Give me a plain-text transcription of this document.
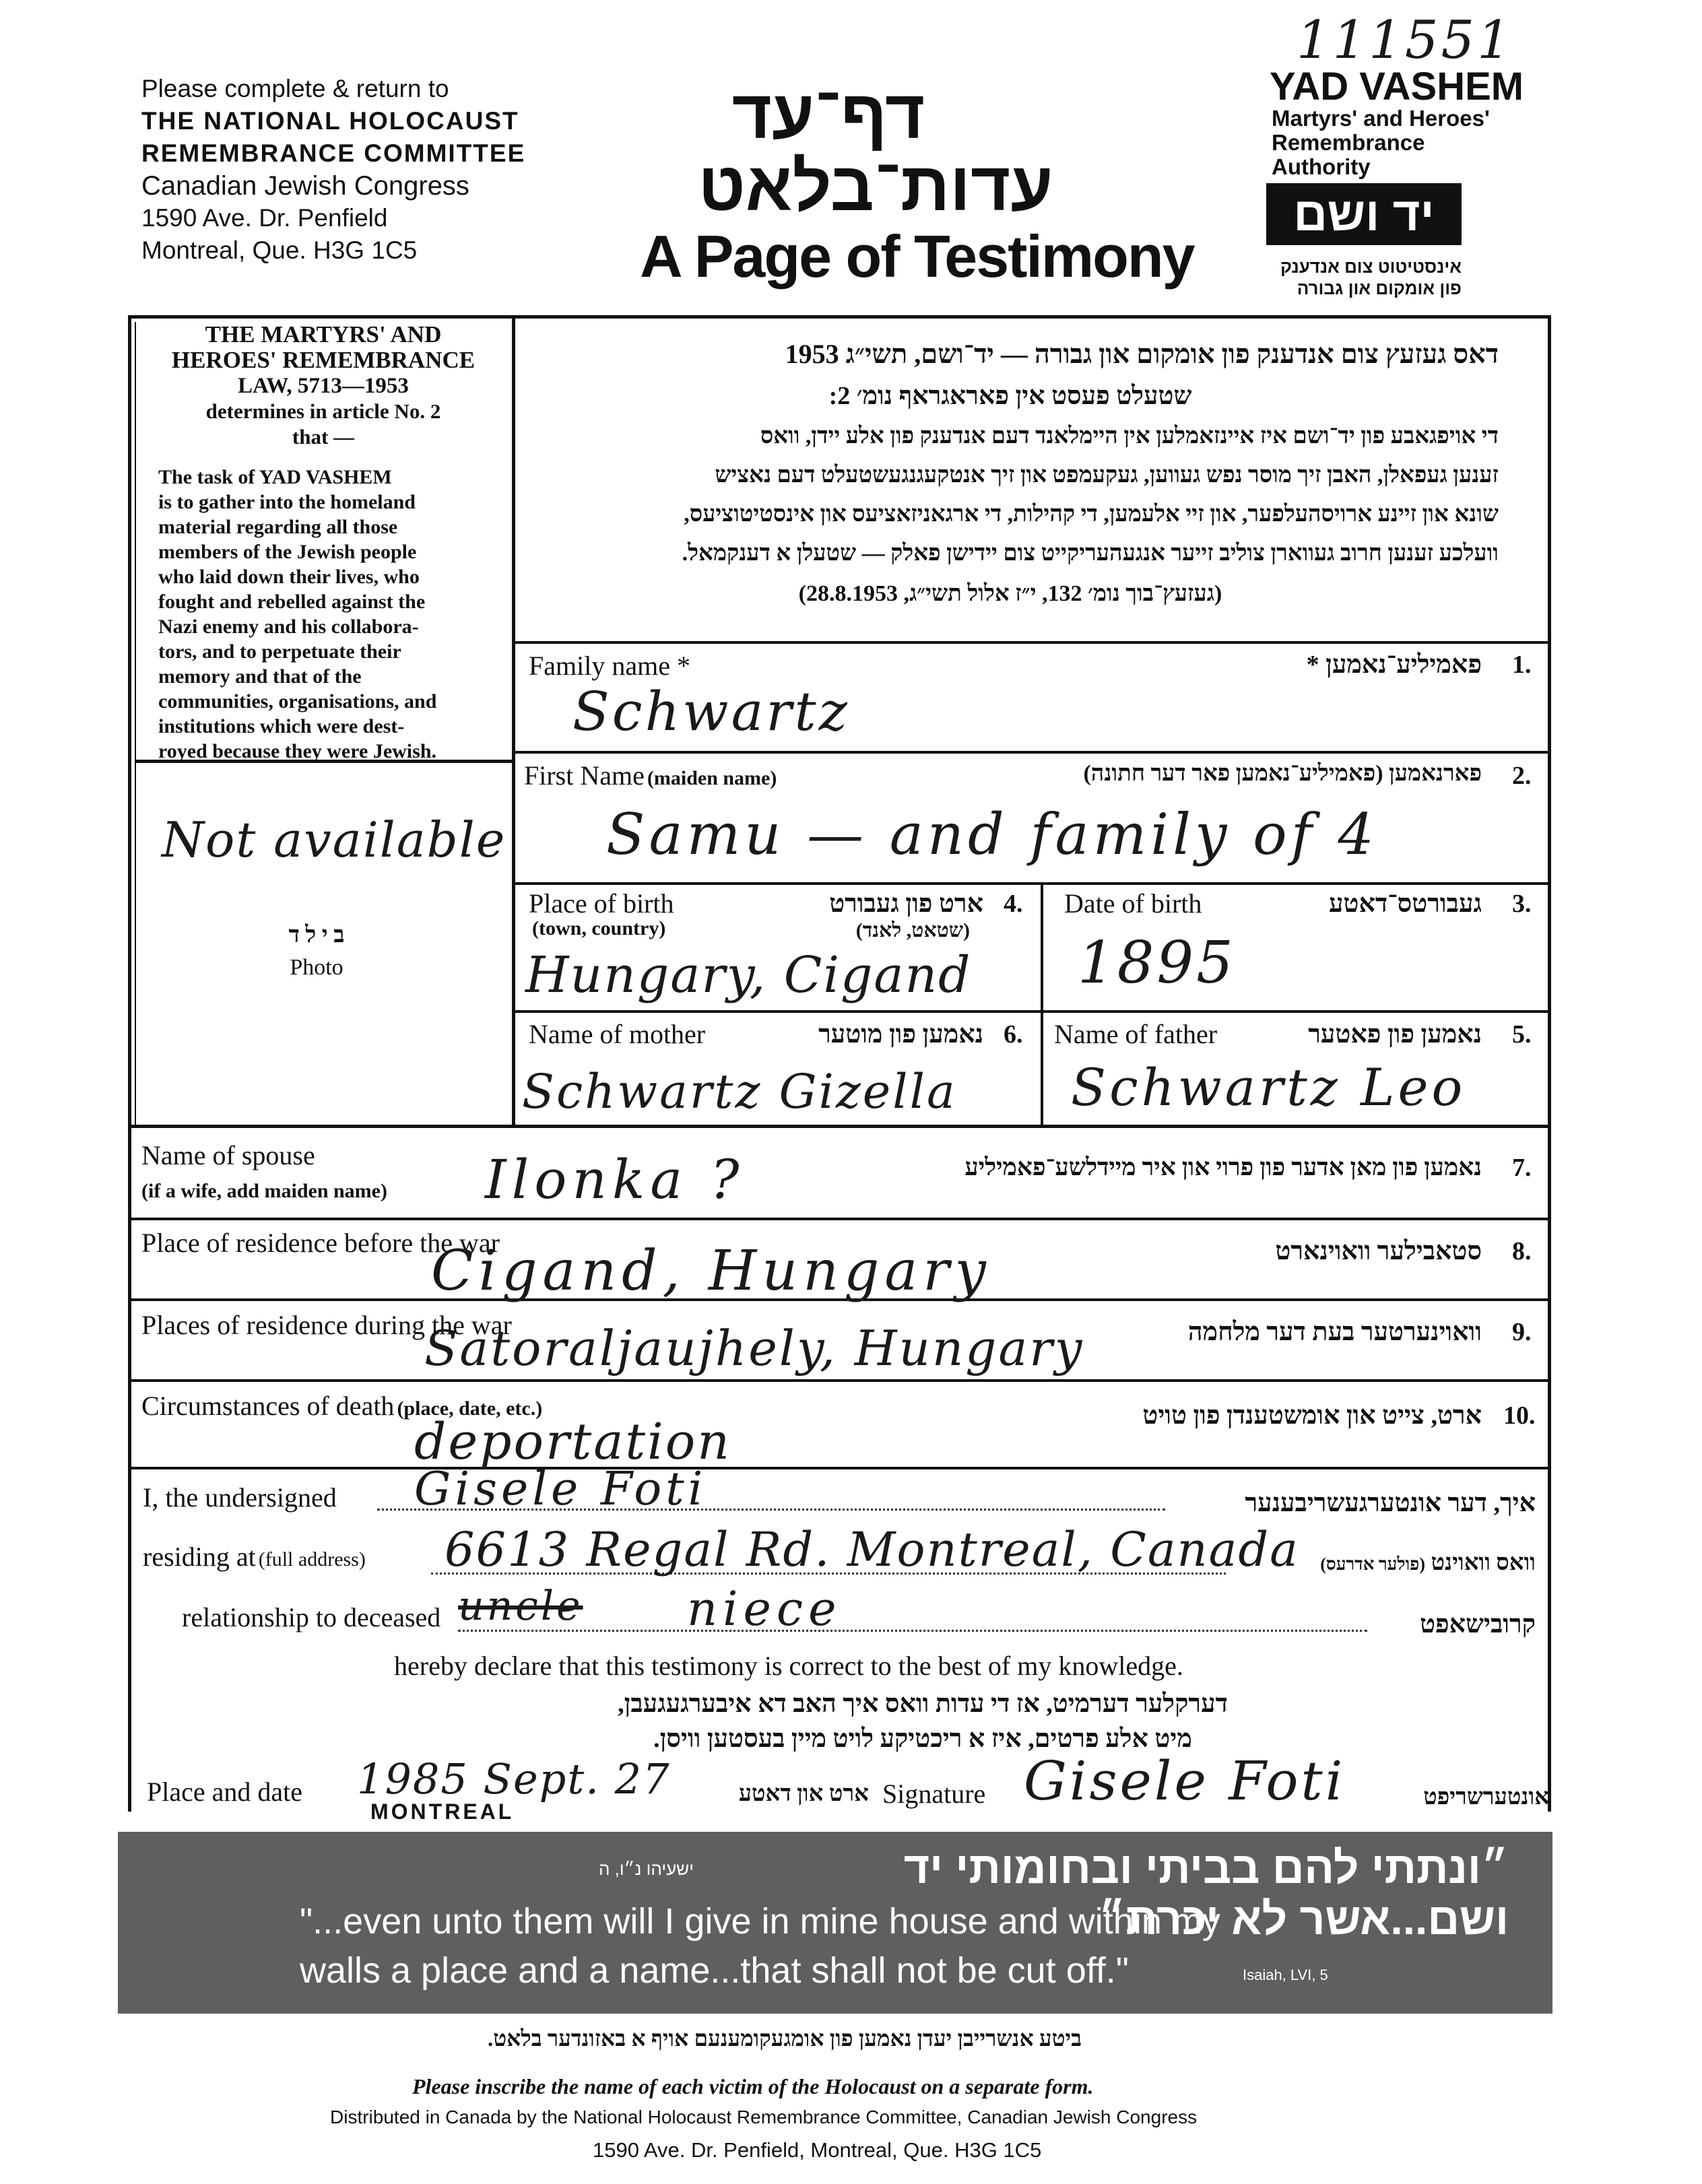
111551
Please complete & return to
THE NATIONAL HOLOCAUST
REMEMBRANCE COMMITTEE
Canadian Jewish Congress
1590 Ave. Dr. Penfield
Montreal, Que. H3G 1C5
דף־עד
עדות־בלאט
A Page of Testimony
YAD VASHEM
Martyrs' and Heroes'
Remembrance
Authority
יד ושם
אינסטיטוט צום אנדענק
פון אומקום און גבורה
THE MARTYRS' AND
HEROES' REMEMBRANCE
LAW, 5713—1953
determines in article No. 2
that —
The task of YAD VASHEM
is to gather into the homeland
material regarding all those
members of the Jewish people
who laid down their lives, who
fought and rebelled against the
Nazi enemy and his collabora-
tors, and to perpetuate their
memory and that of the
communities, organisations, and
institutions which were dest-
royed because they were Jewish.
דאס געזעץ צום אנדענק פון אומקום און גבורה — יד־ושם, תשי״ג 1953
שטעלט פעסט אין פאראגראף נומ׳ 2:
די אויפגאבע פון יד־ושם איז איינזאמלען אין היימלאנד דעם אנדענק פון אלע יידן, וואס
זענען געפאלן, האבן זיך מוסר נפש געווען, געקעמפט און זיך אנטקעגנגעשטעלט דעם נאציש
שונא און זיינע ארויסהעלפער, און זיי אלעמען, די קהילות, די ארגאניזאציעס און אינסטיטוציעס,
וועלכע זענען חרוב געווארן צוליב זייער אנגעהעריקייט צום יידישן פאלק — שטעלן א דענקמאל.
(געזעץ־בוך נומ׳ 132, י״ז אלול תשי״ג, 28.8.1953)
Not available
ב י ל ד
Photo
Family name *	פאמיליע־נאמען * 1.
Schwartz
First Name (maiden name)	פארנאמען (פאמיליע־נאמען פאר דער חתונה) 2.
Samu — and family of 4
Place of birth
(town, country)
ארט פון געבורט
(שטאט, לאנד)
4.
Hungary, Cigand
Date of birth	געבורטס־דאטע 3.
1895
Name of mother	נאמען פון מוטער 6.
Schwartz Gizella
Name of father	נאמען פון פאטער 5.
Schwartz Leo
Name of spouse
(if a wife, add maiden name)
נאמען פון מאן אדער פון פרוי און איר מיידלשע־פאמיליע 7.
Ilonka ?
Place of residence before the war	סטאבילער וואוינארט 8.
Cigand, Hungary
Places of residence during the war	וואוינערטער בעת דער מלחמה 9.
Satoraljaujhely, Hungary
Circumstances of death (place, date, etc.)	ארט, צייט און אומשטענדן פון טויט 10.
deportation
I, the undersigned Gisele Foti	איך, דער אונטערגעשריבענער
residing at (full address) 6613 Regal Rd. Montreal, Canada	וואס וואוינט (פולער אדרעס)
relationship to deceased uncle niece	קרובישאפט
hereby declare that this testimony is correct to the best of my knowledge.
דערקלער דערמיט, אז די עדות וואס איך האב דא איבערגעגעבן,
מיט אלע פרטים, איז א ריכטיקע לויט מיין בעסטען וויסן.
Place and date 1985 Sept. 27
MONTREAL
ארט און דאטע Signature Gisele Foti	אונטערשריפט
״ונתתי להם בביתי ובחומותי יד ושם...אשר לא יכרת״
ישעיהו נ״ו, ה
"...even unto them will I give in mine house and within my
walls a place and a name...that shall not be cut off."	Isaiah, LVI, 5
ביטע אנשרייבן יעדן נאמען פון אומגעקומענעם אויף א באזונדער בלאט.
Please inscribe the name of each victim of the Holocaust on a separate form.
Distributed in Canada by the National Holocaust Remembrance Committee, Canadian Jewish Congress
1590 Ave. Dr. Penfield, Montreal, Que. H3G 1C5
